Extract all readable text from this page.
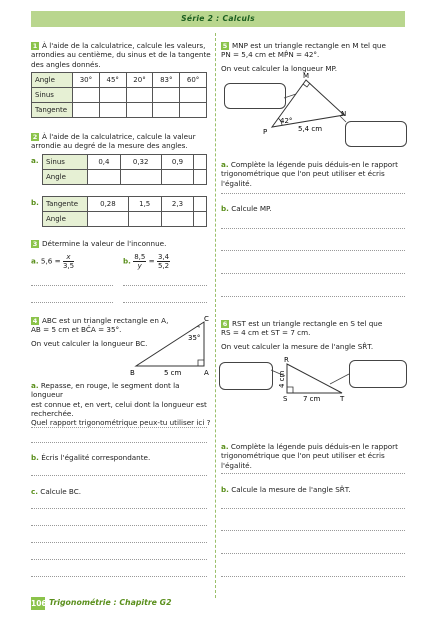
Série 2 : Calculs
1 À l'aide de la calculatrice, calcule les valeurs,
arrondies au centième, du sinus et de la tangente
des angles donnés.
Angle	30°	45°	20°	83°	60°
Sinus					
Tangente					
2 À l'aide de la calculatrice, calcule la valeur
arrondie au degré de la mesure des angles.
a. Sinus	0,4	0,32	0,9	
Angle				
b. Tangente	0,28	1,5	2,3	
Angle				
3 Détermine la valeur de l'inconnue.
a. $5,6 = \frac{x}{3,5}$	b. $\frac{8,5}{y} = \frac{3,4}{5,2}$
4 ABC est un triangle rectangle en A,
AB = 5 cm et BĈA = 35°.
On veut calculer la longueur BC.
C
35°
B	A
5 cm
a. Repasse, en rouge, le segment dont la longueur
est connue et, en vert, celui dont la longueur est
recherchée.
Quel rapport trigonométrique peux-tu utiliser ici ?
b. Écris l'égalité correspondante.
c. Calcule BC.
5 MNP est un triangle rectangle en M tel que
PN = 5,4 cm et MP̂N = 42°.
On veut calculer la longueur MP.
M
P
N
42°
5,4 cm
a. Complète la légende puis déduis-en le rapport
trigonométrique que l'on peut utiliser et écris l'égalité.
b. Calcule MP.
6 RST est un triangle rectangle en S tel que
RS = 4 cm et ST = 7 cm.
On veut calculer la mesure de l'angle SR̂T.
R
S	T
4 cm
7 cm
a. Complète la légende puis déduis-en le rapport
trigonométrique que l'on peut utiliser et écris l'égalité.
b. Calcule la mesure de l'angle SR̂T.
106 Trigonométrie : Chapitre G2
